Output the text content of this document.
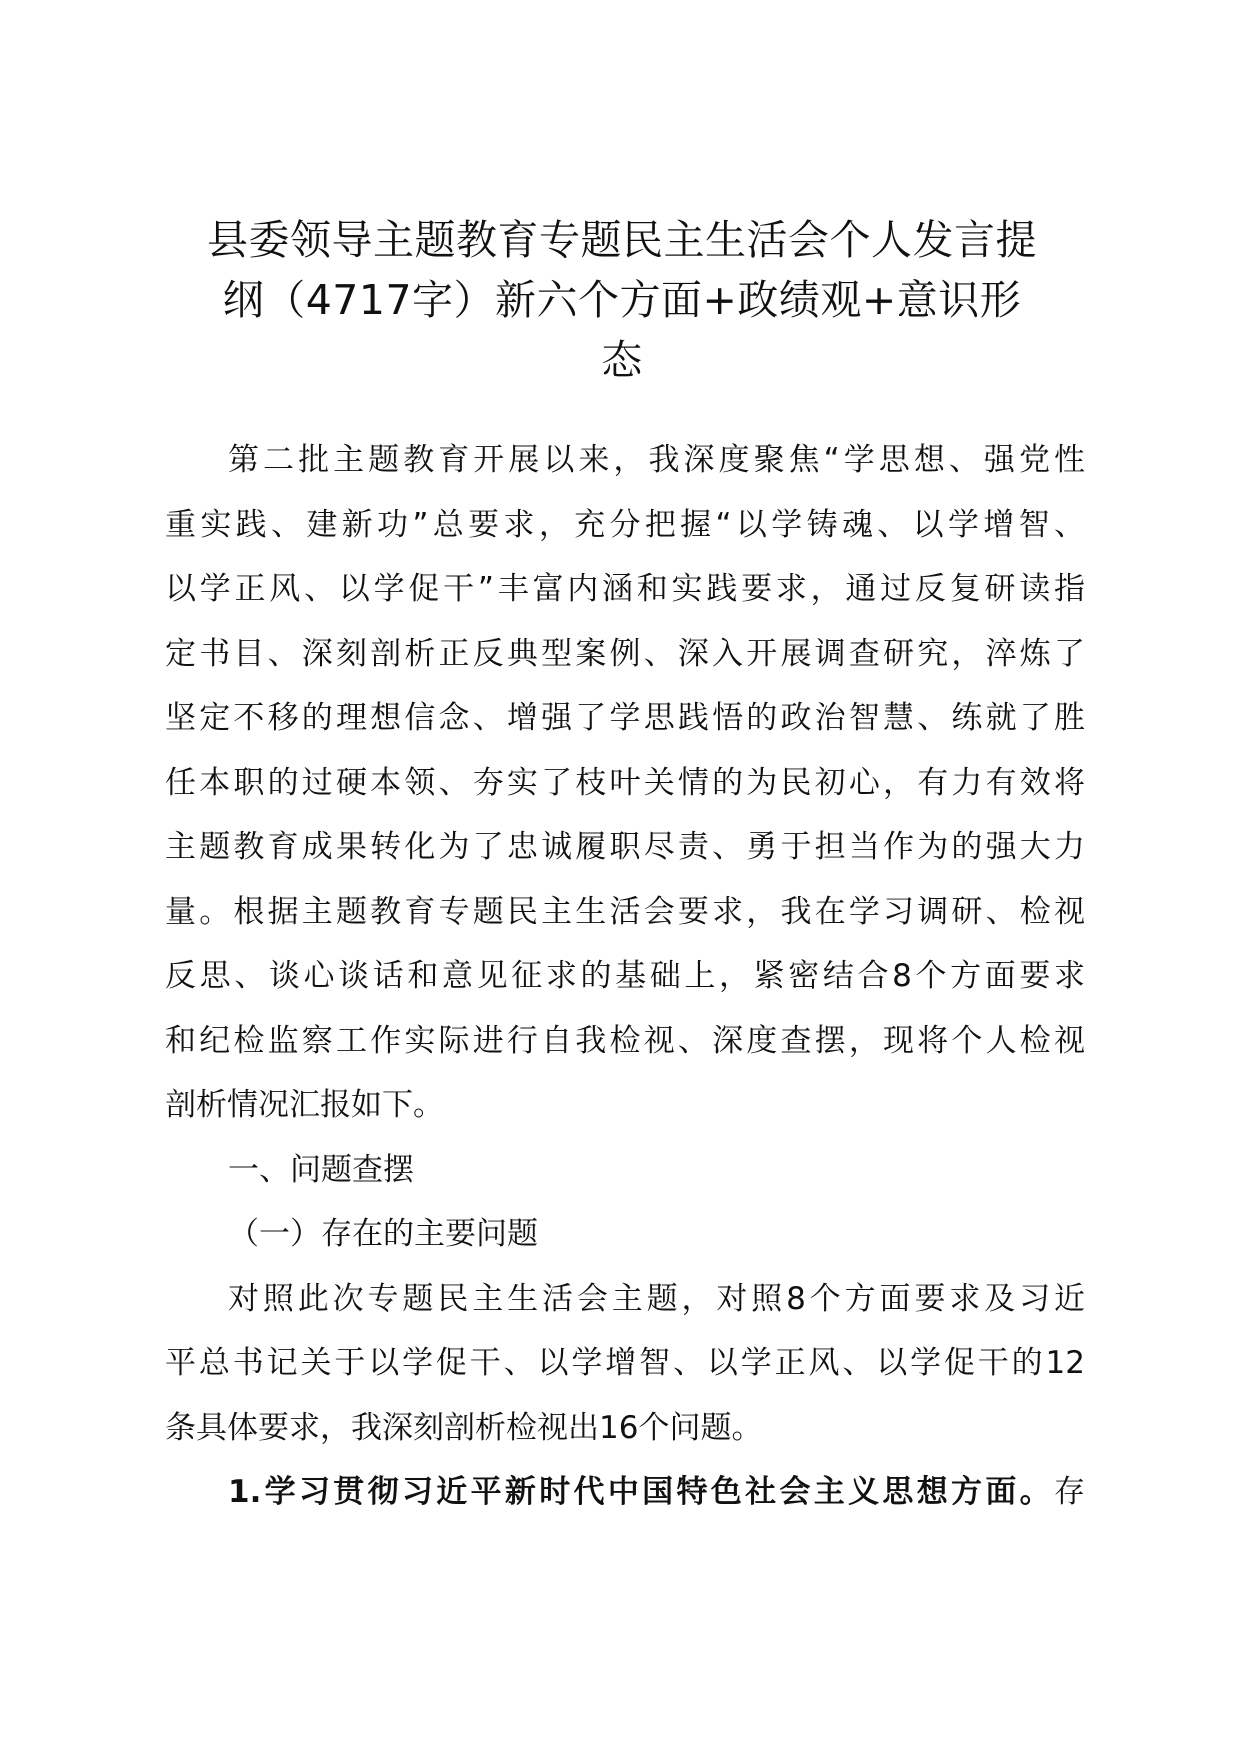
县委领导主题教育专题民主生活会个人发言提
纲（4717字）新六个方面+政绩观+意识形
态
第二批主题教育开展以来，我深度聚焦“学思想、强党性
重实践、建新功”总要求，充分把握“以学铸魂、以学增智、
以学正风、以学促干”丰富内涵和实践要求，通过反复研读指
定书目、深刻剖析正反典型案例、深入开展调查研究，淬炼了
坚定不移的理想信念、增强了学思践悟的政治智慧、练就了胜
任本职的过硬本领、夯实了枝叶关情的为民初心，有力有效将
主题教育成果转化为了忠诚履职尽责、勇于担当作为的强大力
量。根据主题教育专题民主生活会要求，我在学习调研、检视
反思、谈心谈话和意见征求的基础上，紧密结合8个方面要求
和纪检监察工作实际进行自我检视、深度查摆，现将个人检视
剖析情况汇报如下。
一、问题查摆
（一）存在的主要问题
对照此次专题民主生活会主题，对照8个方面要求及习近
平总书记关于以学促干、以学增智、以学正风、以学促干的12
条具体要求，我深刻剖析检视出16个问题。
1.学习贯彻习近平新时代中国特色社会主义思想方面。存
